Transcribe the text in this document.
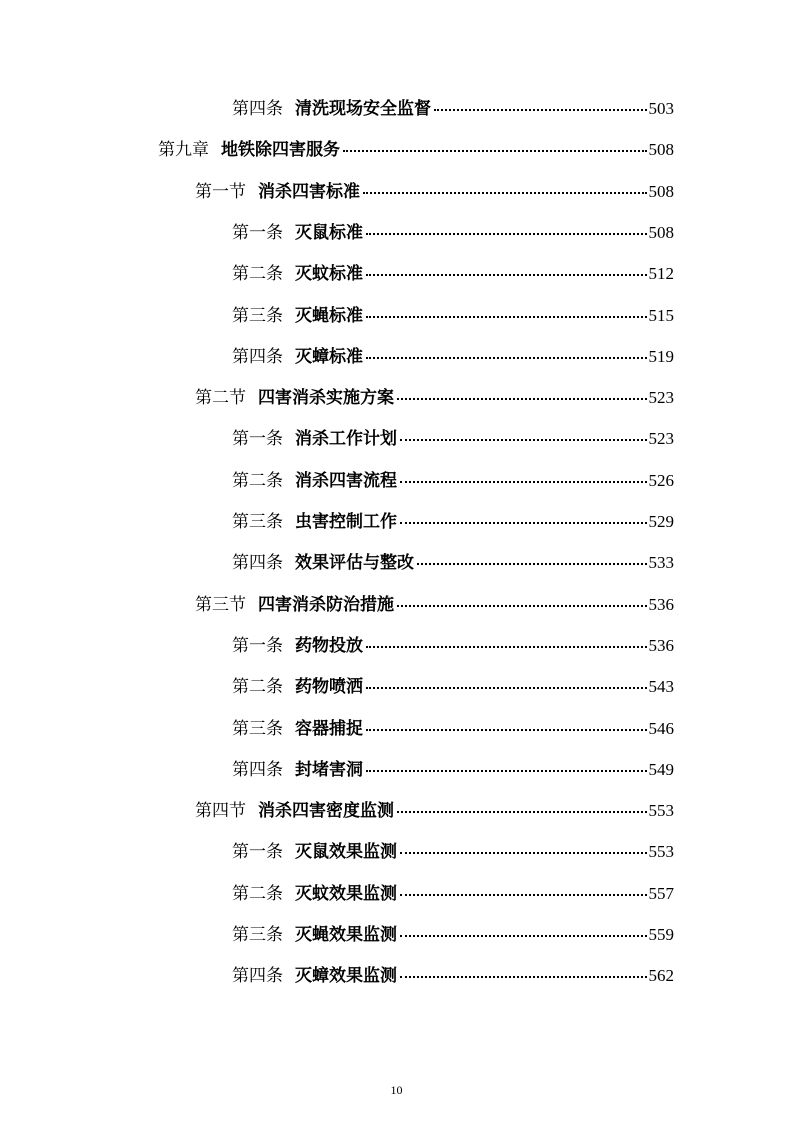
第四条 清洗现场安全监督	503
第九章 地铁除四害服务	508
第一节 消杀四害标准	508
第一条 灭鼠标准	508
第二条 灭蚊标准	512
第三条 灭蝇标准	515
第四条 灭蟑标准	519
第二节 四害消杀实施方案	523
第一条 消杀工作计划	523
第二条 消杀四害流程	526
第三条 虫害控制工作	529
第四条 效果评估与整改	533
第三节 四害消杀防治措施	536
第一条 药物投放	536
第二条 药物喷洒	543
第三条 容器捕捉	546
第四条 封堵害洞	549
第四节 消杀四害密度监测	553
第一条 灭鼠效果监测	553
第二条 灭蚊效果监测	557
第三条 灭蝇效果监测	559
第四条 灭蟑效果监测	562
10
